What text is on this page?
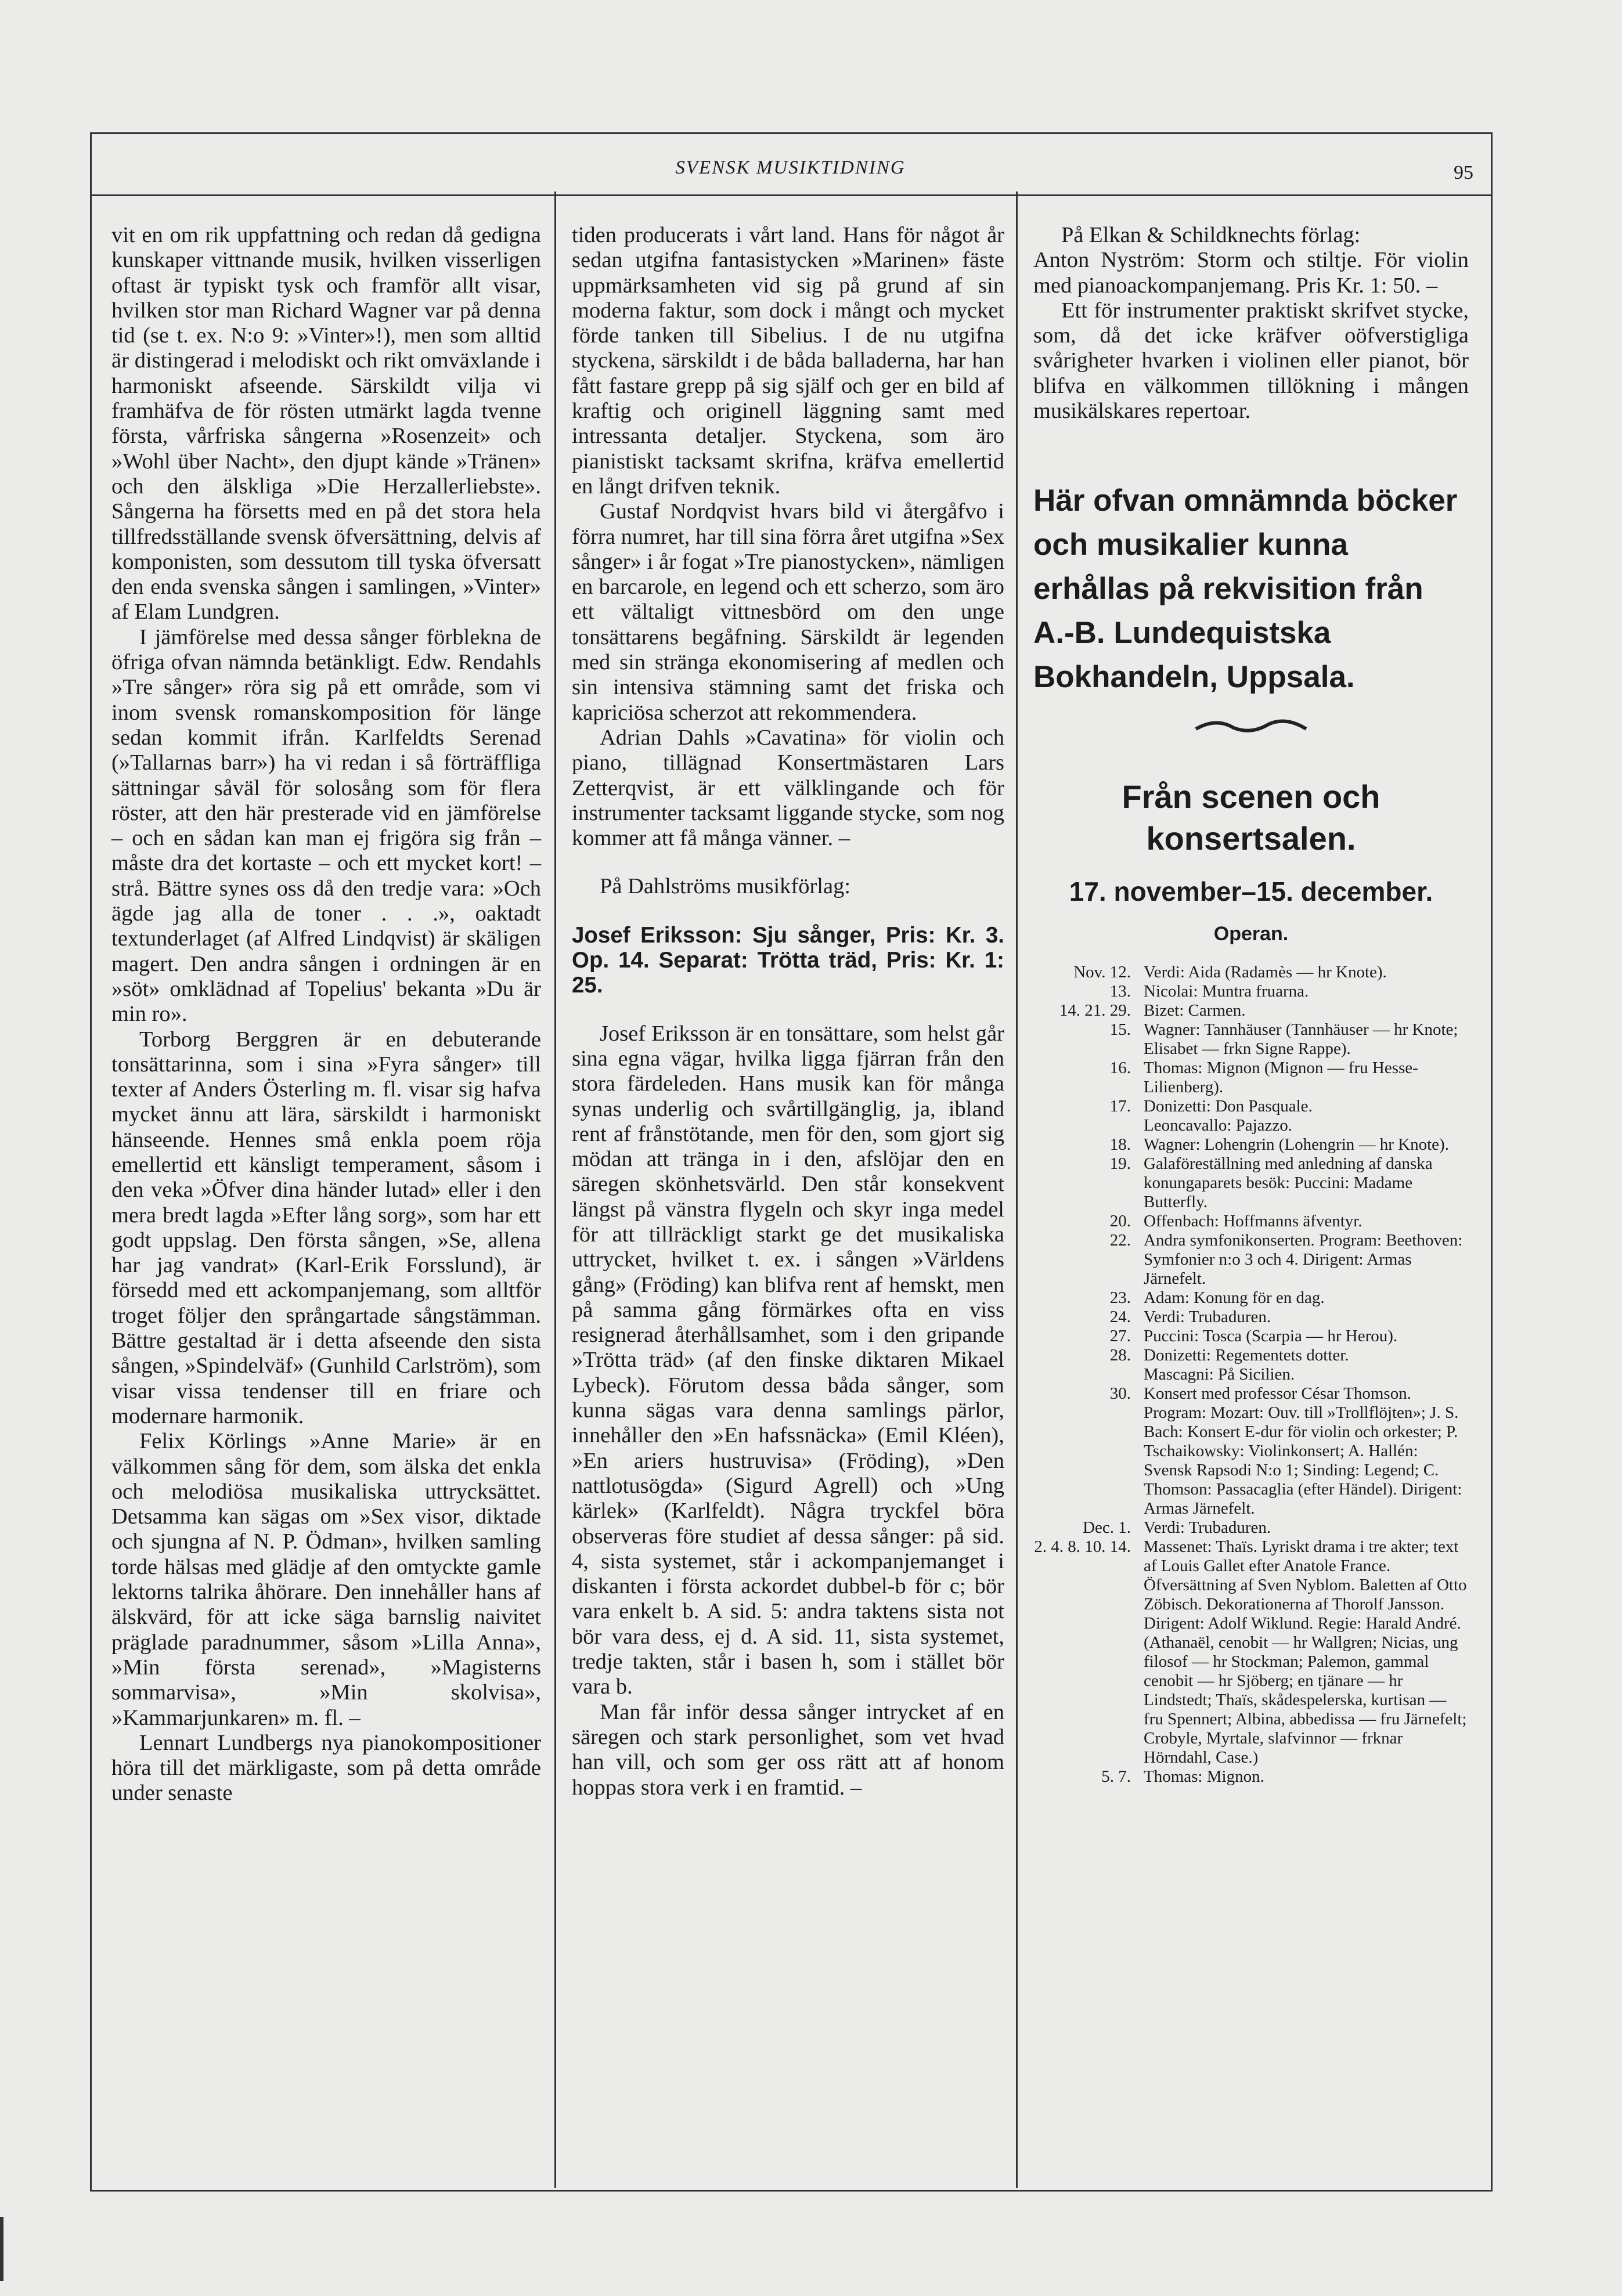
SVENSK MUSIKTIDNING	95

vit en om rik uppfattning och redan då gedigna kunskaper vittnande musik, hvilken visserligen oftast är typiskt tysk och framför allt visar, hvilken stor man Richard Wagner var på denna tid (se t. ex. N:o 9: »Vinter»!), men som alltid är distingerad i melodiskt och rikt omväxlande i harmoniskt afseende. Särskildt vilja vi framhäfva de för rösten utmärkt lagda tvenne första, vårfriska sångerna »Rosenzeit» och »Wohl über Nacht», den djupt kände »Tränen» och den älskliga »Die Herzallerliebste». Sångerna ha försetts med en på det stora hela tillfredsställande svensk öfversättning, delvis af komponisten, som dessutom till tyska öfversatt den enda svenska sången i samlingen, »Vinter» af Elam Lundgren.

I jämförelse med dessa sånger förblekna de öfriga ofvan nämnda betänkligt. Edw. Rendahls »Tre sånger» röra sig på ett område, som vi inom svensk romanskomposition för länge sedan kommit ifrån. Karlfeldts Serenad (»Tallarnas barr») ha vi redan i så förträffliga sättningar såväl för solosång som för flera röster, att den här presterade vid en jämförelse – och en sådan kan man ej frigöra sig från – måste dra det kortaste – och ett mycket kort! – strå. Bättre synes oss då den tredje vara: »Och ägde jag alla de toner . . .», oaktadt textunderlaget (af Alfred Lindqvist) är skäligen magert. Den andra sången i ordningen är en »söt» omklädnad af Topelius' bekanta »Du är min ro».

Torborg Berggren är en debuterande tonsättarinna, som i sina »Fyra sånger» till texter af Anders Österling m. fl. visar sig hafva mycket ännu att lära, särskildt i harmoniskt hänseende. Hennes små enkla poem röja emellertid ett känsligt temperament, såsom i den veka »Öfver dina händer lutad» eller i den mera bredt lagda »Efter lång sorg», som har ett godt uppslag. Den första sången, »Se, allena har jag vandrat» (Karl-Erik Forsslund), är försedd med ett ackompanjemang, som alltför troget följer den språngartade sångstämman. Bättre gestaltad är i detta afseende den sista sången, »Spindelväf» (Gunhild Carlström), som visar vissa tendenser till en friare och modernare harmonik.

Felix Körlings »Anne Marie» är en välkommen sång för dem, som älska det enkla och melodiösa musikaliska uttrycksättet. Detsamma kan sägas om »Sex visor, diktade och sjungna af N. P. Ödman», hvilken samling torde hälsas med glädje af den omtyckte gamle lektorns talrika åhörare. Den innehåller hans af älskvärd, för att icke säga barnslig naivitet präglade paradnummer, såsom »Lilla Anna», »Min första serenad», »Magisterns sommarvisa», »Min skolvisa», »Kammarjunkaren» m. fl. –

Lennart Lundbergs nya pianokompositioner höra till det märkligaste, som på detta område under senaste

tiden producerats i vårt land. Hans för något år sedan utgifna fantasistycken »Marinen» fäste uppmärksamheten vid sig på grund af sin moderna faktur, som dock i mångt och mycket förde tanken till Sibelius. I de nu utgifna styckena, särskildt i de båda balladerna, har han fått fastare grepp på sig själf och ger en bild af kraftig och originell läggning samt med intressanta detaljer. Styckena, som äro pianistiskt tacksamt skrifna, kräfva emellertid en långt drifven teknik.

Gustaf Nordqvist hvars bild vi återgåfvo i förra numret, har till sina förra året utgifna »Sex sånger» i år fogat »Tre pianostycken», nämligen en barcarole, en legend och ett scherzo, som äro ett vältaligt vittnesbörd om den unge tonsättarens begåfning. Särskildt är legenden med sin stränga ekonomisering af medlen och sin intensiva stämning samt det friska och kapriciösa scherzot att rekommendera.

Adrian Dahls »Cavatina» för violin och piano, tillägnad Konsertmästaren Lars Zetterqvist, är ett välklingande och för instrumenter tacksamt liggande stycke, som nog kommer att få många vänner. –

På Dahlströms musikförlag:

Josef Eriksson: Sju sånger, Pris: Kr. 3. Op. 14. Separat: Trötta träd, Pris: Kr. 1: 25.

Josef Eriksson är en tonsättare, som helst går sina egna vägar, hvilka ligga fjärran från den stora färdeleden. Hans musik kan för många synas underlig och svårtillgänglig, ja, ibland rent af frånstötande, men för den, som gjort sig mödan att tränga in i den, afslöjar den en säregen skönhetsvärld. Den står konsekvent längst på vänstra flygeln och skyr inga medel för att tillräckligt starkt ge det musikaliska uttrycket, hvilket t. ex. i sången »Världens gång» (Fröding) kan blifva rent af hemskt, men på samma gång förmärkes ofta en viss resignerad återhållsamhet, som i den gripande »Trötta träd» (af den finske diktaren Mikael Lybeck). Förutom dessa båda sånger, som kunna sägas vara denna samlings pärlor, innehåller den »En hafssnäcka» (Emil Kléen), »En ariers hustruvisa» (Fröding), »Den nattlotusögda» (Sigurd Agrell) och »Ung kärlek» (Karlfeldt). Några tryckfel böra observeras före studiet af dessa sånger: på sid. 4, sista systemet, står i ackompanjemanget i diskanten i första ackordet dubbel-b för c; bör vara enkelt b. A sid. 5: andra taktens sista not bör vara dess, ej d. A sid. 11, sista systemet, tredje takten, står i basen h, som i stället bör vara b.

Man får inför dessa sånger intrycket af en säregen och stark personlighet, som vet hvad han vill, och som ger oss rätt att af honom hoppas stora verk i en framtid. –

På Elkan & Schildknechts förlag:

Anton Nyström: Storm och stiltje. För violin med pianoackompanjemang. Pris Kr. 1: 50. –

Ett för instrumenter praktiskt skrifvet stycke, som, då det icke kräfver oöfverstigliga svårigheter hvarken i violinen eller pianot, bör blifva en välkommen tillökning i mången musikälskares repertoar.

Här ofvan omnämnda böcker och musikalier kunna erhållas på rekvisition från A.-B. Lundequistska Bokhandeln, Uppsala.
Från scenen och konsertsalen.
17. november–15. december.
Operan.
Nov. 12. Verdi: Aida (Radamès — hr Knote).
13. Nicolai: Muntra fruarna.
14. 21. 29. Bizet: Carmen.
15. Wagner: Tannhäuser (Tannhäuser — hr Knote; Elisabet — frkn Signe Rappe).
16. Thomas: Mignon (Mignon — fru Hesse-Lilienberg).
17. Donizetti: Don Pasquale.
Leoncavallo: Pajazzo.
18. Wagner: Lohengrin (Lohengrin — hr Knote).
19. Galaföreställning med anledning af danska konungaparets besök: Puccini: Madame Butterfly.
20. Offenbach: Hoffmanns äfventyr.
22. Andra symfonikonserten. Program: Beethoven: Symfonier n:o 3 och 4. Dirigent: Armas Järnefelt.
23. Adam: Konung för en dag.
24. Verdi: Trubaduren.
27. Puccini: Tosca (Scarpia — hr Herou).
28. Donizetti: Regementets dotter.
Mascagni: På Sicilien.
30. Konsert med professor César Thomson. Program: Mozart: Ouv. till »Trollflöjten»; J. S. Bach: Konsert E-dur för violin och orkester; P. Tschaikowsky: Violinkonsert; A. Hallén: Svensk Rapsodi N:o 1; Sinding: Legend; C. Thomson: Passacaglia (efter Händel). Dirigent: Armas Järnefelt.
Dec. 1. Verdi: Trubaduren.
2. 4. 8. 10. 14. Massenet: Thaïs. Lyriskt drama i tre akter; text af Louis Gallet efter Anatole France. Öfversättning af Sven Nyblom. Baletten af Otto Zöbisch. Dekorationerna af Thorolf Jansson. Dirigent: Adolf Wiklund. Regie: Harald André. (Athanaël, cenobit — hr Wallgren; Nicias, ung filosof — hr Stockman; Palemon, gammal cenobit — hr Sjöberg; en tjänare — hr Lindstedt; Thaïs, skådespelerska, kurtisan — fru Spennert; Albina, abbedissa — fru Järnefelt; Crobyle, Myrtale, slafvinnor — frknar Hörndahl, Case.)
5. 7. Thomas: Mignon.
